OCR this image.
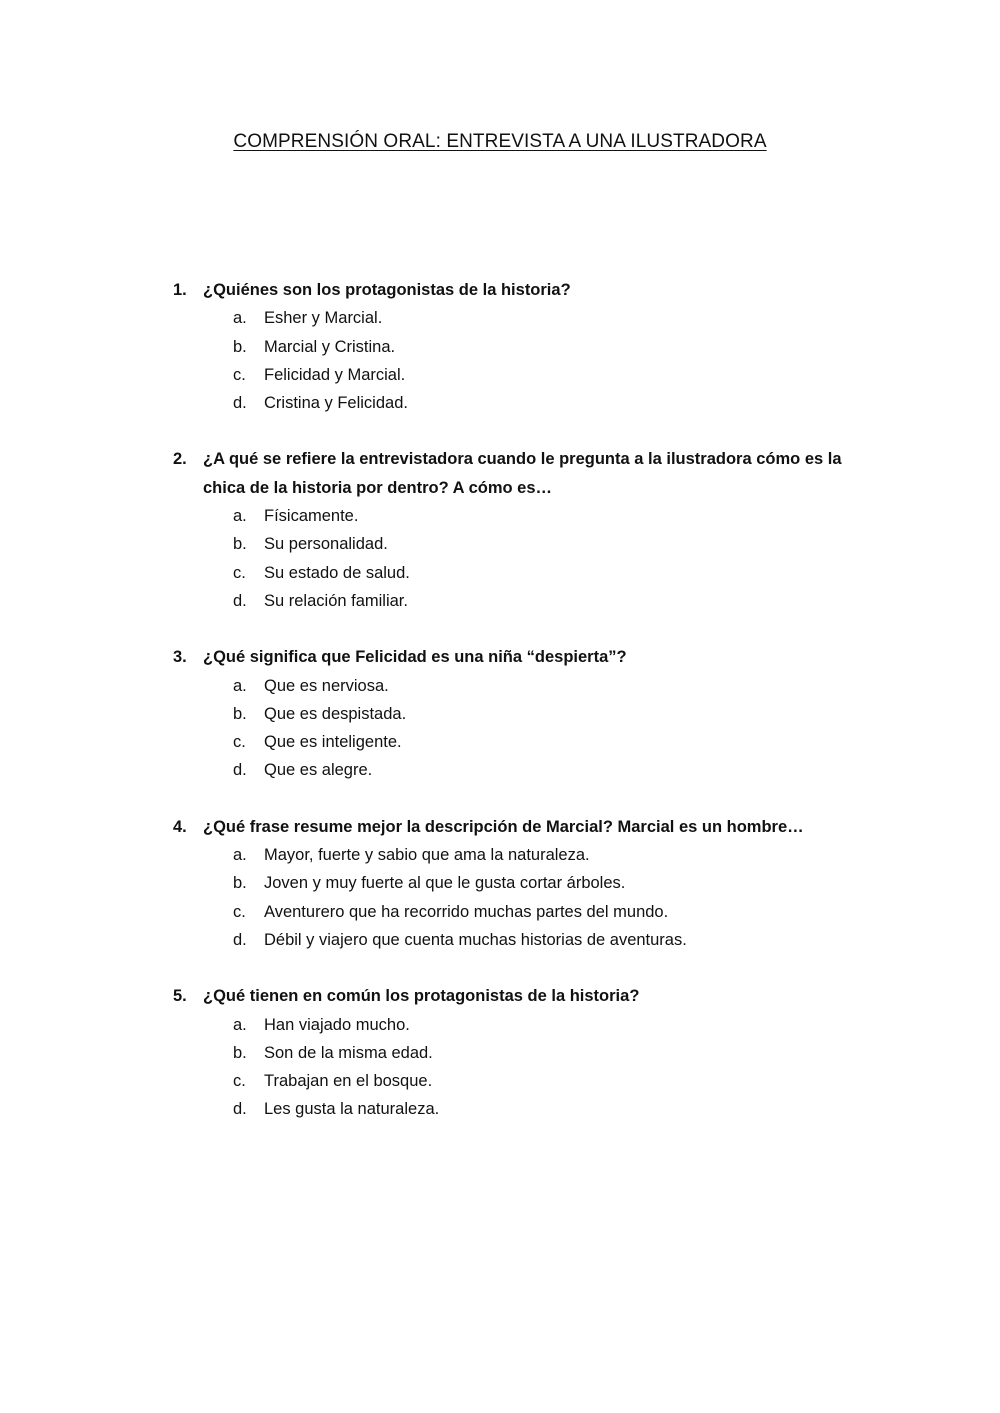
COMPRENSIÓN ORAL: ENTREVISTA A UNA ILUSTRADORA
1. ¿Quiénes son los protagonistas de la historia?
a. Esher y Marcial.
b. Marcial y Cristina.
c. Felicidad y Marcial.
d. Cristina y Felicidad.
2. ¿A qué se refiere la entrevistadora cuando le pregunta a la ilustradora cómo es la chica de la historia por dentro? A cómo es…
a. Físicamente.
b. Su personalidad.
c. Su estado de salud.
d. Su relación familiar.
3. ¿Qué significa que Felicidad es una niña “despierta”?
a. Que es nerviosa.
b. Que es despistada.
c. Que es inteligente.
d. Que es alegre.
4. ¿Qué frase resume mejor la descripción de Marcial? Marcial es un hombre…
a. Mayor, fuerte y sabio que ama la naturaleza.
b. Joven y muy fuerte al que le gusta cortar árboles.
c. Aventurero que ha recorrido muchas partes del mundo.
d. Débil y viajero que cuenta muchas historias de aventuras.
5. ¿Qué tienen en común los protagonistas de la historia?
a. Han viajado mucho.
b. Son de la misma edad.
c. Trabajan en el bosque.
d. Les gusta la naturaleza.
